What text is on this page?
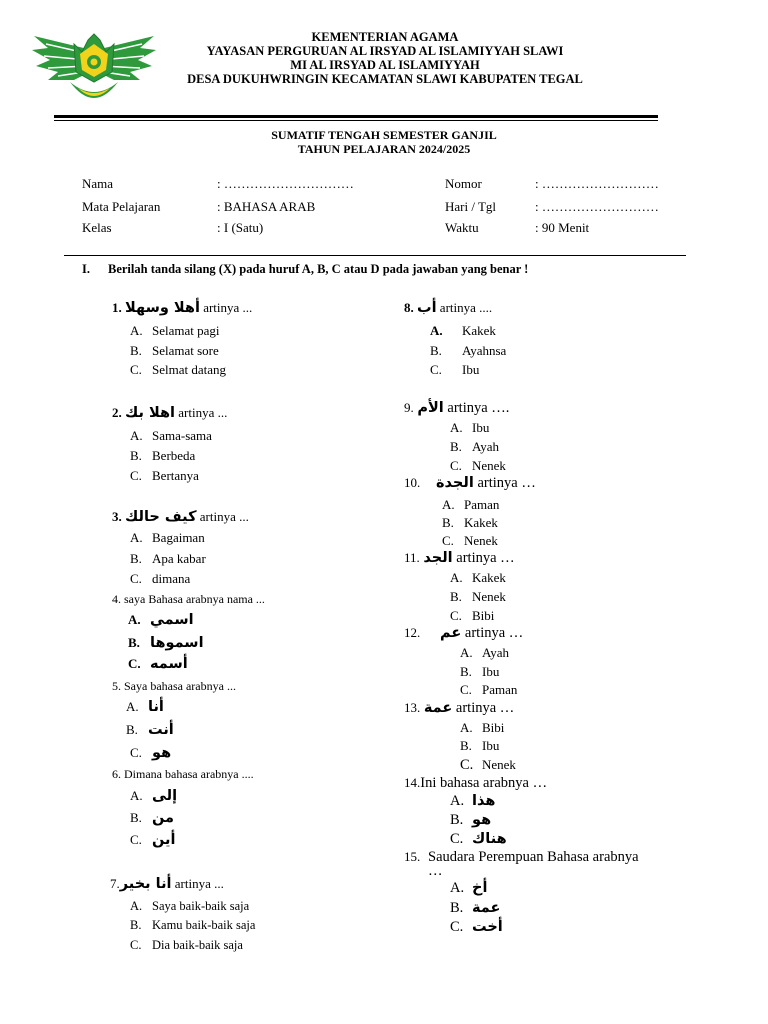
KEMENTERIAN AGAMA
YAYASAN PERGURUAN AL IRSYAD AL ISLAMIYYAH SLAWI
MI AL IRSYAD AL ISLAMIYYAH
DESA DUKUHWRINGIN KECAMATAN SLAWI KABUPATEN TEGAL
SUMATIF TENGAH SEMESTER GANJIL
TAHUN PELAJARAN 2024/2025
Nama	: …………………………
Mata Pelajaran	: BAHASA ARAB
Kelas	: I (Satu)
Nomor	: ………………………
Hari / Tgl	: ………………………
Waktu	: 90 Menit
I. Berilah tanda silang (X) pada huruf A, B, C atau D pada jawaban yang benar !
1. أهلا وسهلا artinya ...
A. Selamat pagi
B. Selamat sore
C. Selmat datang
2. اهلا بك artinya ...
A. Sama-sama
B. Berbeda
C. Bertanya
3. كيف حالك artinya ...
A. Bagaiman
B. Apa kabar
C. dimana
4. saya Bahasa arabnya nama ...
A. اسمي
B. اسموها
C. أسمه
5. Saya bahasa arabnya ...
A. أنا
B. أنت
C. هو
6. Dimana bahasa arabnya ....
A. إلى
B. من
C. أين
7.أنا بخير artinya ...
A. Saya baik-baik saja
B. Kamu baik-baik saja
C. Dia baik-baik saja
8. أب artinya ....
A. Kakek
B. Ayahnsa
C. Ibu
9. الأم artinya ….
A. Ibu
B. Ayah
C. Nenek
10. الجدة artinya …
A. Paman
B. Kakek
C. Nenek
11. الجد artinya …
A. Kakek
B. Nenek
C. Bibi
12. عم artinya …
A. Ayah
B. Ibu
C. Paman
13. عمة artinya …
A. Bibi
B. Ibu
C. Nenek
14.Ini bahasa arabnya …
A. هذا
B. هو
C. هناك
15. Saudara Perempuan Bahasa arabnya
…
A. أخ
B. عمة
C. أخت
